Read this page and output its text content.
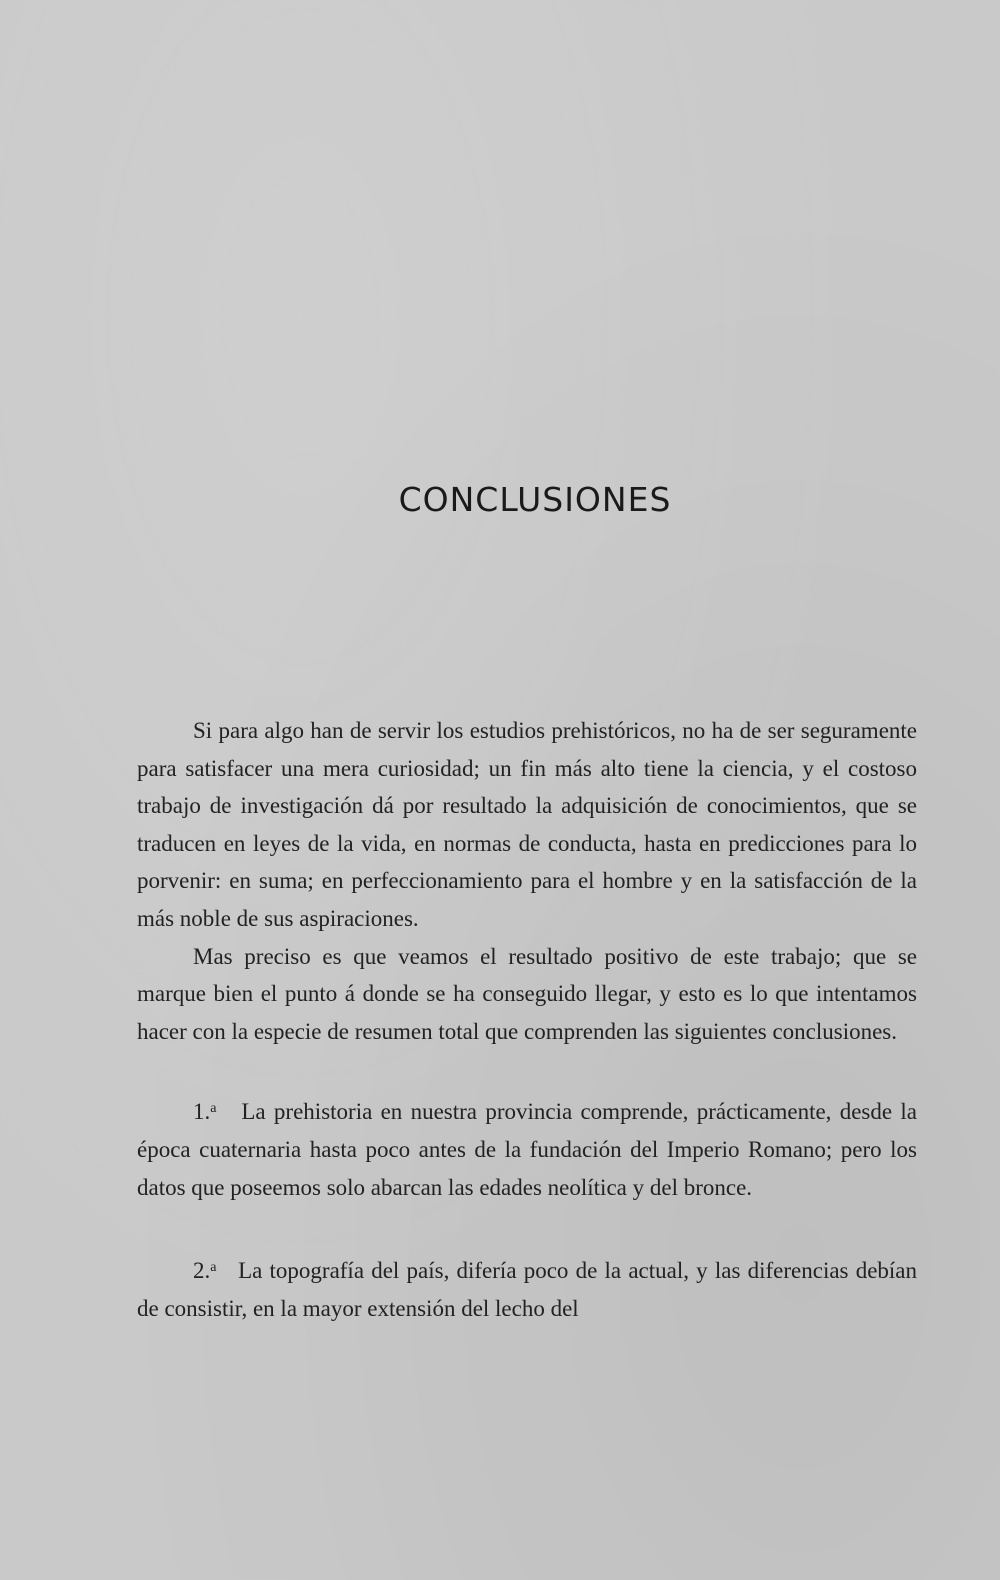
CONCLUSIONES

Si para algo han de servir los estudios prehistóricos, no ha de ser seguramente para satisfacer una mera curiosidad; un fin más alto tiene la ciencia, y el costoso trabajo de investigación dá por resultado la adquisición de conocimientos, que se traducen en leyes de la vida, en normas de conducta, hasta en predicciones para lo porvenir: en suma; en perfeccionamiento para el hombre y en la satisfacción de la más noble de sus aspiraciones.

Mas preciso es que veamos el resultado positivo de este trabajo; que se marque bien el punto á donde se ha conseguido llegar, y esto es lo que intentamos hacer con la especie de resumen total que comprenden las siguientes conclusiones.

1.$^a$ La prehistoria en nuestra provincia comprende, prácticamente, desde la época cuaternaria hasta poco antes de la fundación del Imperio Romano; pero los datos que poseemos solo abarcan las edades neolítica y del bronce.

2.$^a$ La topografía del país, difería poco de la actual, y las diferencias debían de consistir, en la mayor extensión del lecho del
